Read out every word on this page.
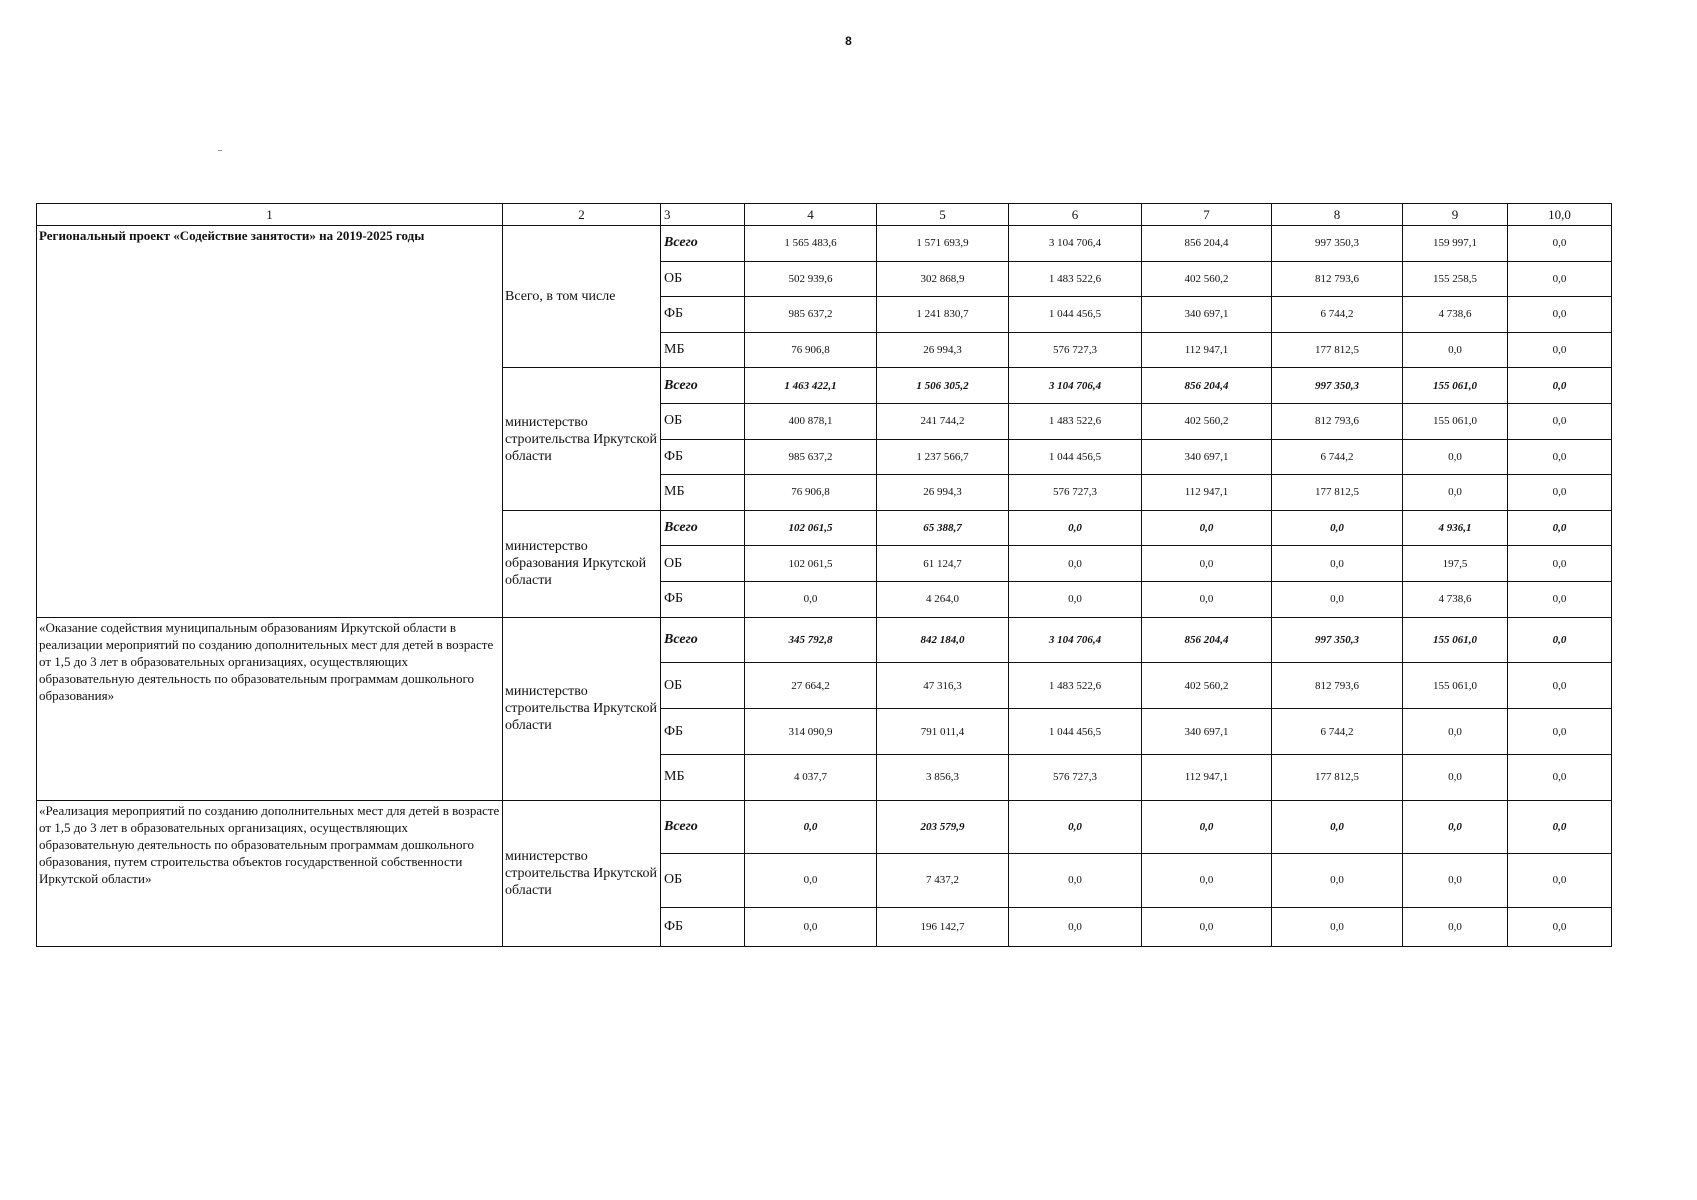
8
1	2	3	4	5	6	7	8	9	10,0
Региональный проект «Содействие занятости» на 2019-2025 годы	Всего, в том числе	Всего	1 565 483,6	1 571 693,9	3 104 706,4	856 204,4	997 350,3	159 997,1	0,0
		ОБ	502 939,6	302 868,9	1 483 522,6	402 560,2	812 793,6	155 258,5	0,0
		ФБ	985 637,2	1 241 830,7	1 044 456,5	340 697,1	6 744,2	4 738,6	0,0
		МБ	76 906,8	26 994,3	576 727,3	112 947,1	177 812,5	0,0	0,0
	министерство строительства Иркутской области	Всего	1 463 422,1	1 506 305,2	3 104 706,4	856 204,4	997 350,3	155 061,0	0,0
		ОБ	400 878,1	241 744,2	1 483 522,6	402 560,2	812 793,6	155 061,0	0,0
		ФБ	985 637,2	1 237 566,7	1 044 456,5	340 697,1	6 744,2	0,0	0,0
		МБ	76 906,8	26 994,3	576 727,3	112 947,1	177 812,5	0,0	0,0
	министерство образования Иркутской области	Всего	102 061,5	65 388,7	0,0	0,0	0,0	4 936,1	0,0
		ОБ	102 061,5	61 124,7	0,0	0,0	0,0	197,5	0,0
		ФБ	0,0	4 264,0	0,0	0,0	0,0	4 738,6	0,0
«Оказание содействия муниципальным образованиям Иркутской области в реализации мероприятий по созданию дополнительных мест для детей в возрасте от 1,5 до 3 лет в образовательных организациях, осуществляющих образовательную деятельность по образовательным программам дошкольного образования»	министерство строительства Иркутской области	Всего	345 792,8	842 184,0	3 104 706,4	856 204,4	997 350,3	155 061,0	0,0
		ОБ	27 664,2	47 316,3	1 483 522,6	402 560,2	812 793,6	155 061,0	0,0
		ФБ	314 090,9	791 011,4	1 044 456,5	340 697,1	6 744,2	0,0	0,0
		МБ	4 037,7	3 856,3	576 727,3	112 947,1	177 812,5	0,0	0,0
«Реализация мероприятий по созданию дополнительных мест для детей в возрасте от 1,5 до 3 лет в образовательных организациях, осуществляющих образовательную деятельность по образовательным программам дошкольного образования, путем строительства объектов государственной собственности Иркутской области»	министерство строительства Иркутской области	Всего	0,0	203 579,9	0,0	0,0	0,0	0,0	0,0
		ОБ	0,0	7 437,2	0,0	0,0	0,0	0,0	0,0
		ФБ	0,0	196 142,7	0,0	0,0	0,0	0,0	0,0
